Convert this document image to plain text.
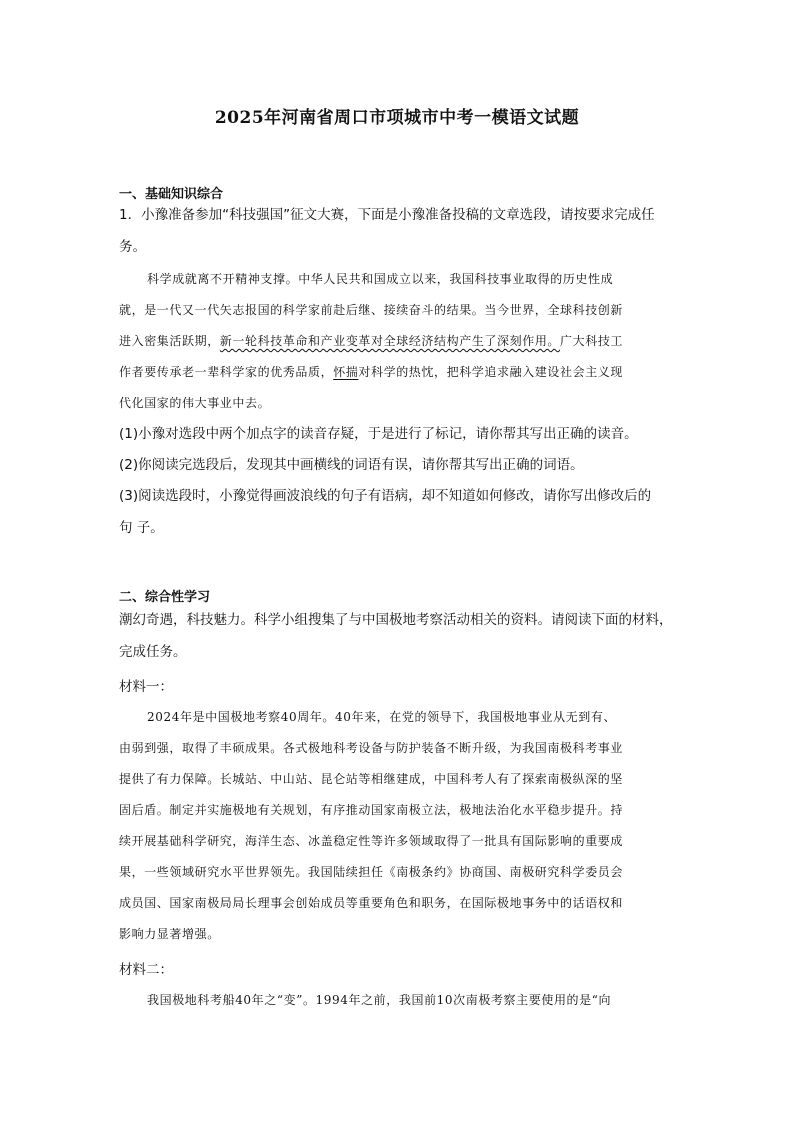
2025年河南省周口市项城市中考一模语文试题
一、基础知识综合
1．小豫准备参加“科技强国”征文大赛，下面是小豫准备投稿的文章选段，请按要求完成任
务。
科学成就离不开精神支撑。中华人民共和国成立以来，我国科技事业取得的历史性成
就，是一代又一代矢志报国的科学家前赴后继、接续奋斗的结果。当今世界，全球科技创新
进入密集活跃期，新一轮科技革命和产业变革对全球经济结构产生了深刻作用。广大科技工
作者要传承老一辈科学家的优秀品质，怀揣对科学的热忱，把科学追求融入建设社会主义现
代化国家的伟大事业中去。
(1)小豫对选段中两个加点字的读音存疑，于是进行了标记，请你帮其写出正确的读音。
(2)你阅读完选段后，发现其中画横线的词语有误，请你帮其写出正确的词语。
(3)阅读选段时，小豫觉得画波浪线的句子有语病，却不知道如何修改，请你写出修改后的
句 子。
二、综合性学习
潮幻奇遇，科技魅力。科学小组搜集了与中国极地考察活动相关的资料。请阅读下面的材料，
完成任务。
材料一：
2024年是中国极地考察40周年。40年来，在党的领导下，我国极地事业从无到有、
由弱到强，取得了丰硕成果。各式极地科考设备与防护装备不断升级，为我国南极科考事业
提供了有力保障。长城站、中山站、昆仑站等相继建成，中国科考人有了探索南极纵深的坚
固后盾。制定并实施极地有关规划，有序推动国家南极立法，极地法治化水平稳步提升。持
续开展基础科学研究，海洋生态、冰盖稳定性等许多领域取得了一批具有国际影响的重要成
果，一些领域研究水平世界领先。我国陆续担任《南极条约》协商国、南极研究科学委员会
成员国、国家南极局局长理事会创始成员等重要角色和职务，在国际极地事务中的话语权和
影响力显著增强。
材料二：
我国极地科考船40年之“变”。1994年之前，我国前10次南极考察主要使用的是“向
